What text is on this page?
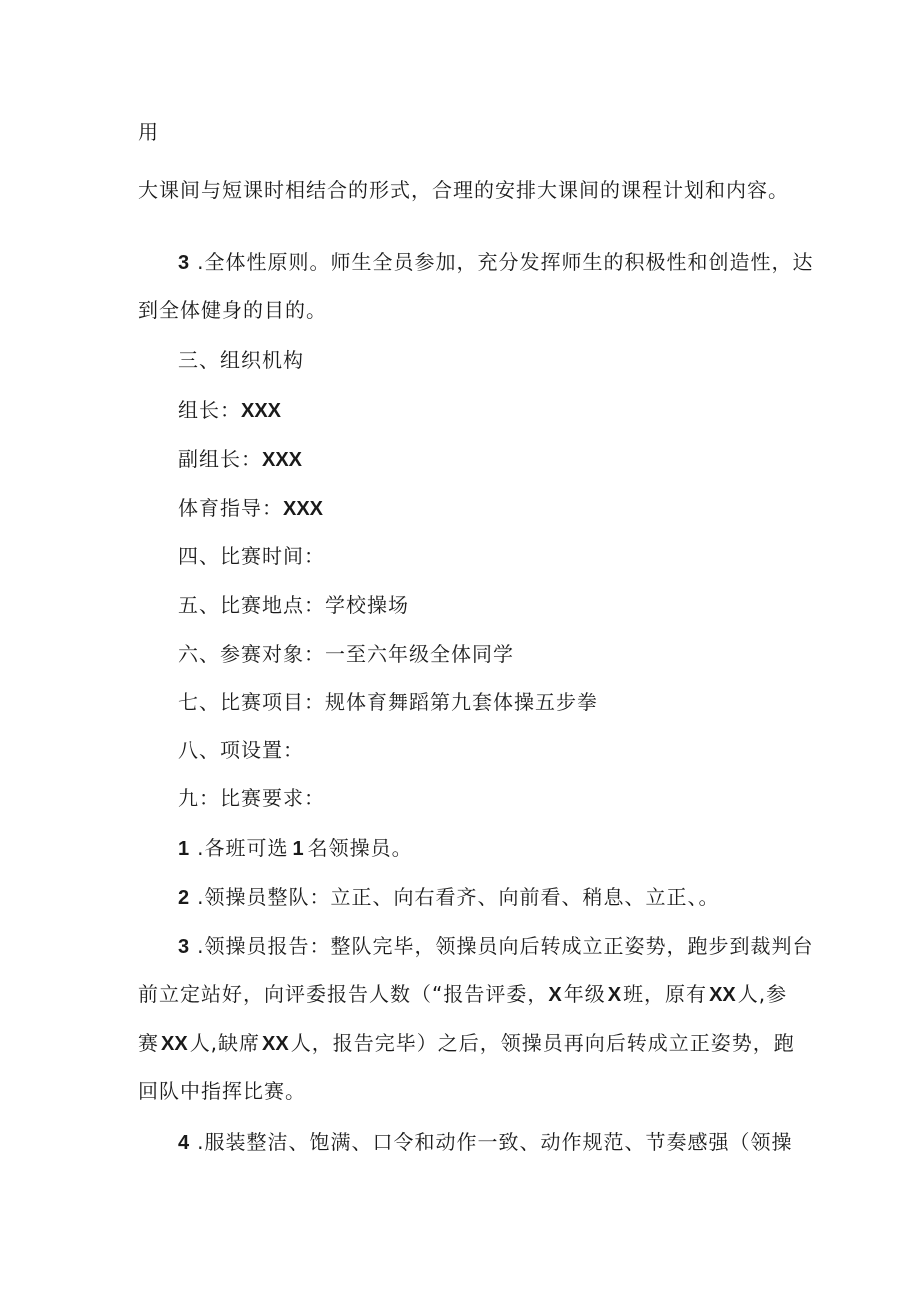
用
大课间与短课时相结合的形式，合理的安排大课间的课程计划和内容。
3 .全体性原则。师生全员参加，充分发挥师生的积极性和创造性，达
到全体健身的目的。
三、组织机构
组长：XXX
副组长：XXX
体育指导：XXX
四、比赛时间：
五、比赛地点：学校操场
六、参赛对象：一至六年级全体同学
七、比赛项目：规体育舞蹈第九套体操五步拳
八、项设置：
九：比赛要求：
1 .各班可选 1 名领操员。
2 .领操员整队：立正、向右看齐、向前看、稍息、立正、。
3 .领操员报告：整队完毕，领操员向后转成立正姿势，跑步到裁判台
前立定站好，向评委报告人数（“报告评委，X 年级 X 班，原有 XX 人,参
赛 XX 人,缺席 XX 人，报告完毕）之后，领操员再向后转成立正姿势，跑
回队中指挥比赛。
4 .服装整洁、饱满、口令和动作一致、动作规范、节奏感强（领操
